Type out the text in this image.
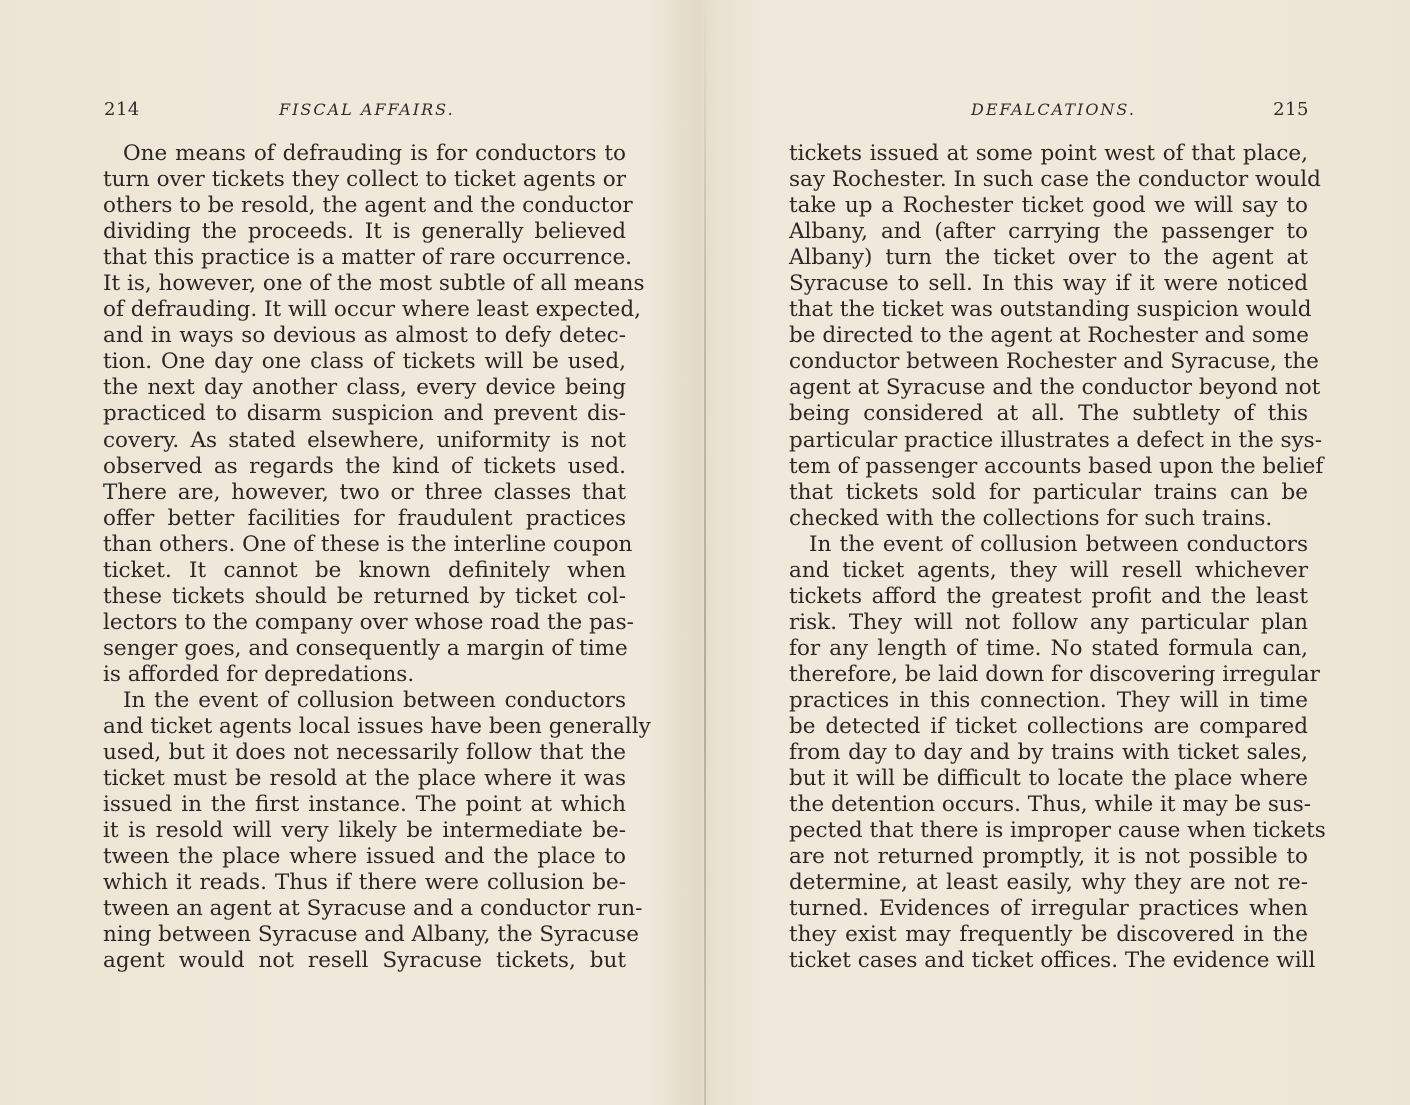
214	FISCAL AFFAIRS.
One means of defrauding is for conductors to
turn over tickets they collect to ticket agents or
others to be resold, the agent and the conductor
dividing the proceeds. It is generally believed
that this practice is a matter of rare occurrence.
It is, however, one of the most subtle of all means
of defrauding. It will occur where least expected,
and in ways so devious as almost to defy detec-
tion. One day one class of tickets will be used,
the next day another class, every device being
practiced to disarm suspicion and prevent dis-
covery. As stated elsewhere, uniformity is not
observed as regards the kind of tickets used.
There are, however, two or three classes that
offer better facilities for fraudulent practices
than others. One of these is the interline coupon
ticket. It cannot be known definitely when
these tickets should be returned by ticket col-
lectors to the company over whose road the pas-
senger goes, and consequently a margin of time
is afforded for depredations.
In the event of collusion between conductors
and ticket agents local issues have been generally
used, but it does not necessarily follow that the
ticket must be resold at the place where it was
issued in the first instance. The point at which
it is resold will very likely be intermediate be-
tween the place where issued and the place to
which it reads. Thus if there were collusion be-
tween an agent at Syracuse and a conductor run-
ning between Syracuse and Albany, the Syracuse
agent would not resell Syracuse tickets, but
DEFALCATIONS.	215
tickets issued at some point west of that place,
say Rochester. In such case the conductor would
take up a Rochester ticket good we will say to
Albany, and (after carrying the passenger to
Albany) turn the ticket over to the agent at
Syracuse to sell. In this way if it were noticed
that the ticket was outstanding suspicion would
be directed to the agent at Rochester and some
conductor between Rochester and Syracuse, the
agent at Syracuse and the conductor beyond not
being considered at all. The subtlety of this
particular practice illustrates a defect in the sys-
tem of passenger accounts based upon the belief
that tickets sold for particular trains can be
checked with the collections for such trains.
In the event of collusion between conductors
and ticket agents, they will resell whichever
tickets afford the greatest profit and the least
risk. They will not follow any particular plan
for any length of time. No stated formula can,
therefore, be laid down for discovering irregular
practices in this connection. They will in time
be detected if ticket collections are compared
from day to day and by trains with ticket sales,
but it will be difficult to locate the place where
the detention occurs. Thus, while it may be sus-
pected that there is improper cause when tickets
are not returned promptly, it is not possible to
determine, at least easily, why they are not re-
turned. Evidences of irregular practices when
they exist may frequently be discovered in the
ticket cases and ticket offices. The evidence will
